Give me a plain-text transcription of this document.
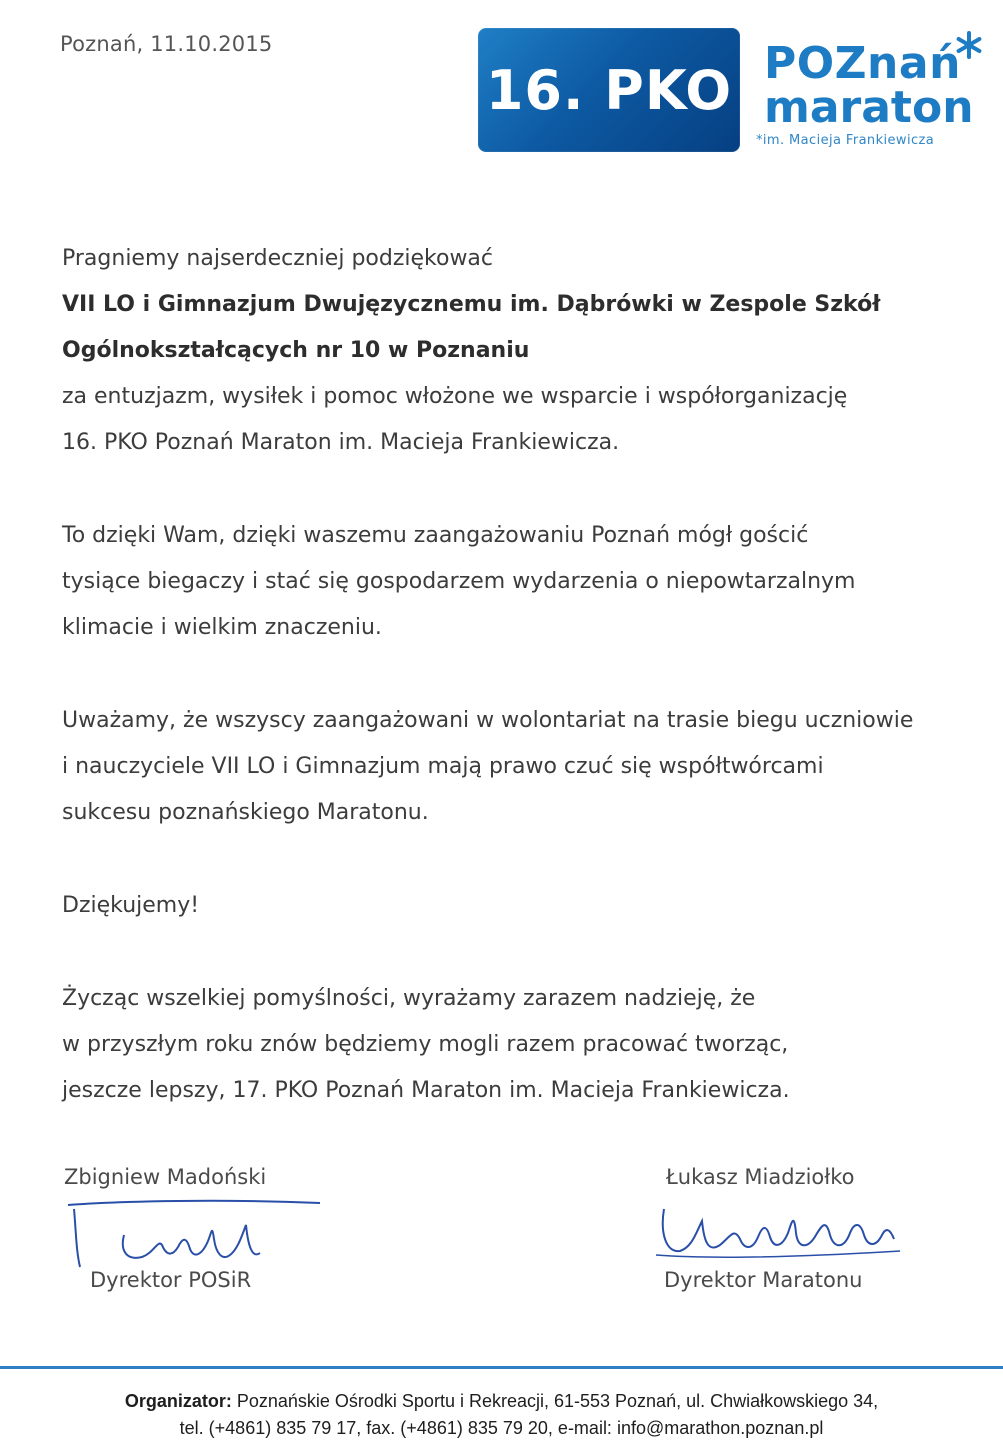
Poznań, 11.10.2015
16. PKO POZnań
maraton
*im. Macieja Frankiewicza

Pragniemy najserdeczniej podziękować

VII LO i Gimnazjum Dwujęzycznemu im. Dąbrówki w Zespole Szkół

Ogólnokształcących nr 10 w Poznaniu

za entuzjazm, wysiłek i pomoc włożone we wsparcie i współorganizację

16. PKO Poznań Maraton im. Macieja Frankiewicza.

To dzięki Wam, dzięki waszemu zaangażowaniu Poznań mógł gościć

tysiące biegaczy i stać się gospodarzem wydarzenia o niepowtarzalnym

klimacie i wielkim znaczeniu.

Uważamy, że wszyscy zaangażowani w wolontariat na trasie biegu uczniowie

i nauczyciele VII LO i Gimnazjum mają prawo czuć się współtwórcami

sukcesu poznańskiego Maratonu.

Dziękujemy!

Życząc wszelkiej pomyślności, wyrażamy zarazem nadzieję, że

w przyszłym roku znów będziemy mogli razem pracować tworząc,

jeszcze lepszy, 17. PKO Poznań Maraton im. Macieja Frankiewicza.

Zbigniew Madoński
Dyrektor POSiR
Łukasz Miadziołko
Dyrektor Maratonu
Organizator: Poznańskie Ośrodki Sportu i Rekreacji, 61-553 Poznań, ul. Chwiałkowskiego 34,
tel. (+4861) 835 79 17, fax. (+4861) 835 79 20, e-mail: info@marathon.poznan.pl
